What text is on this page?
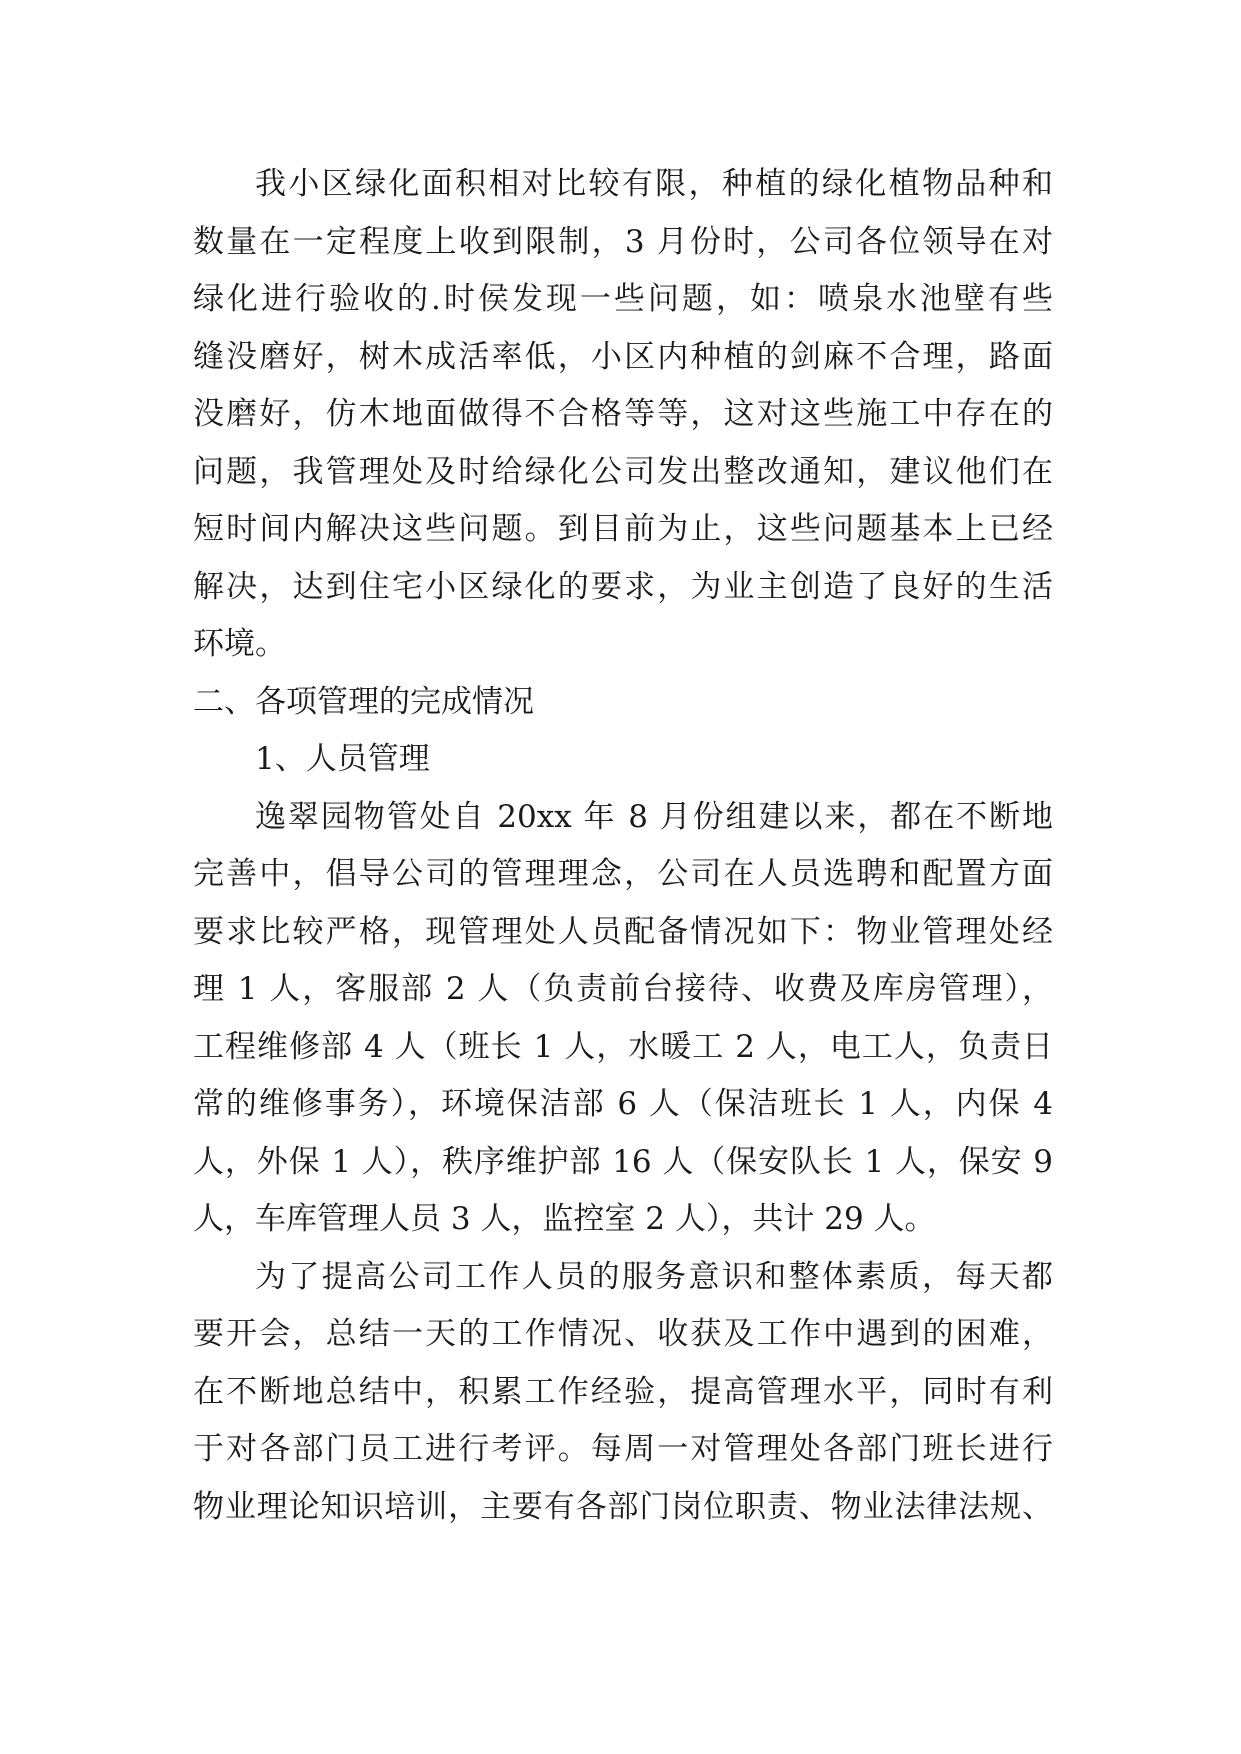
我小区绿化面积相对比较有限，种植的绿化植物品种和
数量在一定程度上收到限制，3 月份时，公司各位领导在对
绿化进行验收的.时侯发现一些问题，如：喷泉水池壁有些
缝没磨好，树木成活率低，小区内种植的剑麻不合理，路面
没磨好，仿木地面做得不合格等等，这对这些施工中存在的
问题，我管理处及时给绿化公司发出整改通知，建议他们在
短时间内解决这些问题。到目前为止，这些问题基本上已经
解决，达到住宅小区绿化的要求，为业主创造了良好的生活
环境。
二、各项管理的完成情况
1、人员管理
逸翠园物管处自 20xx 年 8 月份组建以来，都在不断地
完善中，倡导公司的管理理念，公司在人员选聘和配置方面
要求比较严格，现管理处人员配备情况如下：物业管理处经
理 1 人，客服部 2 人（负责前台接待、收费及库房管理），
工程维修部 4 人（班长 1 人，水暖工 2 人，电工人，负责日
常的维修事务），环境保洁部 6 人（保洁班长 1 人，内保 4
人，外保 1 人），秩序维护部 16 人（保安队长 1 人，保安 9
人，车库管理人员 3 人，监控室 2 人），共计 29 人。
为了提高公司工作人员的服务意识和整体素质，每天都
要开会，总结一天的工作情况、收获及工作中遇到的困难，
在不断地总结中，积累工作经验，提高管理水平，同时有利
于对各部门员工进行考评。每周一对管理处各部门班长进行
物业理论知识培训，主要有各部门岗位职责、物业法律法规、
